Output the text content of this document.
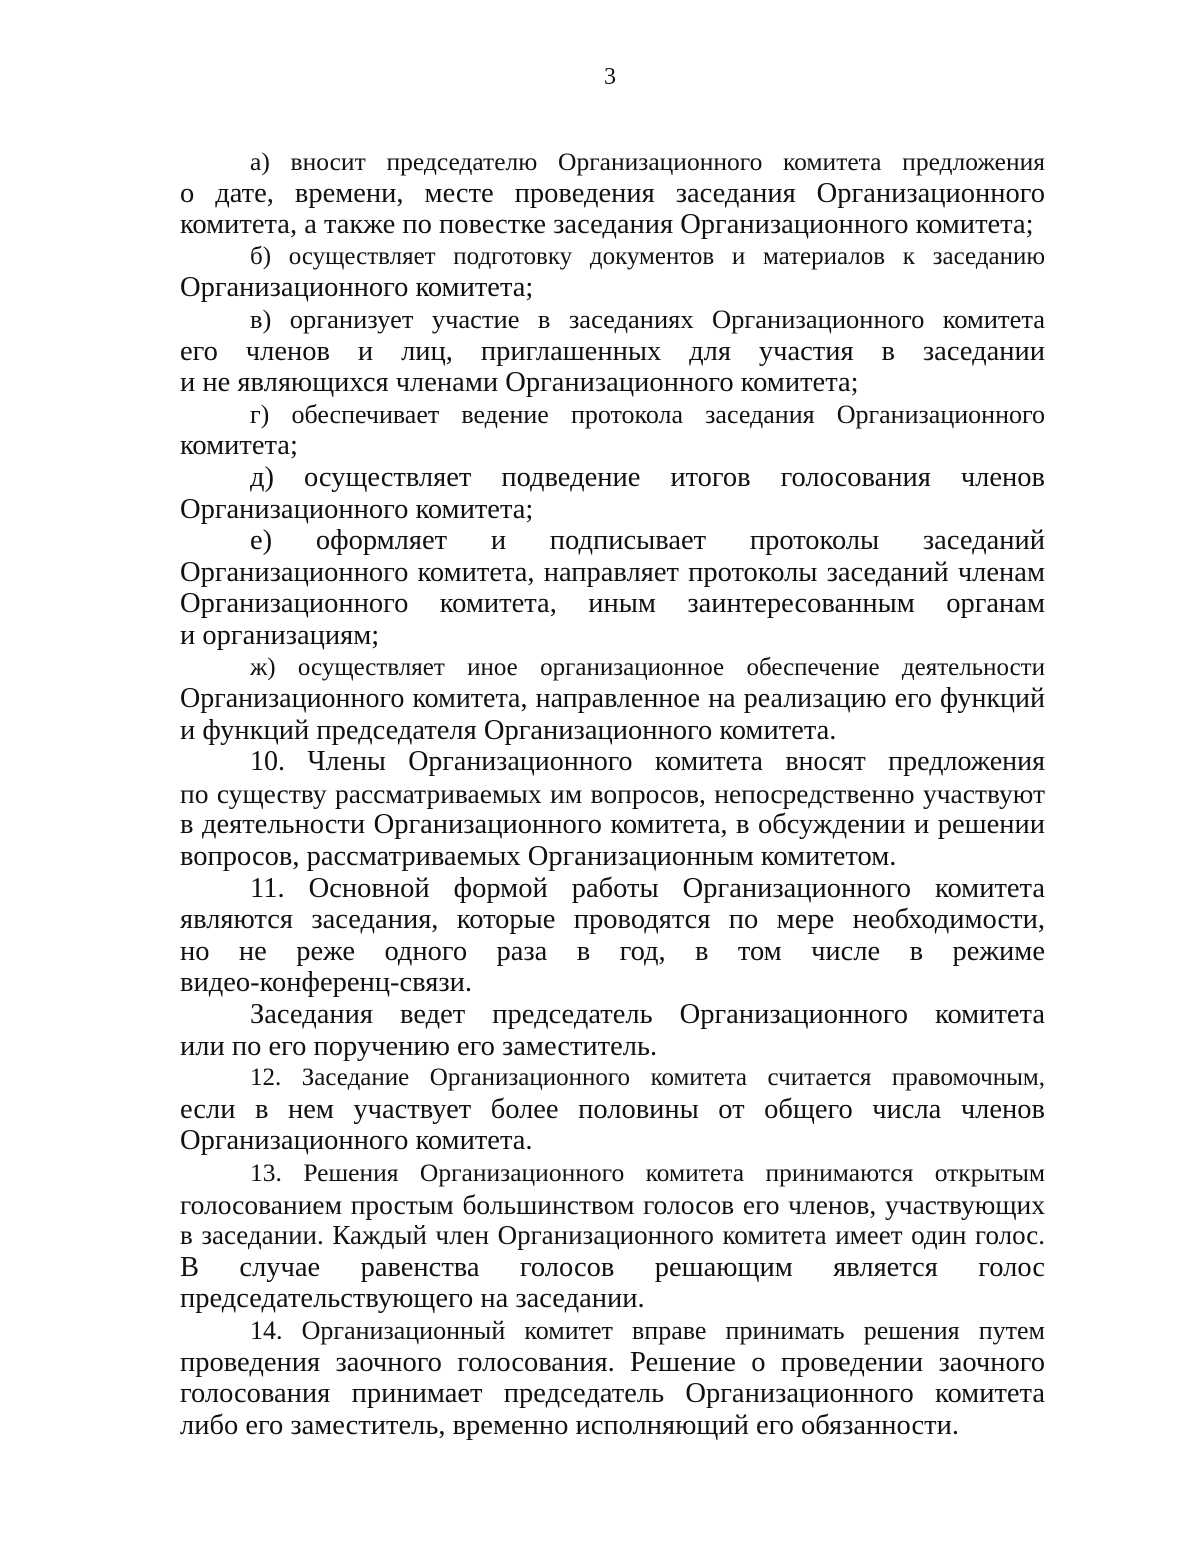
3

а) вносит председателю Организационного комитета предложения
о дате, времени, месте проведения заседания Организационного
комитета, а также по повестке заседания Организационного комитета;

б) осуществляет подготовку документов и материалов к заседанию
Организационного комитета;

в) организует участие в заседаниях Организационного комитета
его членов и лиц, приглашенных для участия в заседании
и не являющихся членами Организационного комитета;

г) обеспечивает ведение протокола заседания Организационного
комитета;

д) осуществляет подведение итогов голосования членов
Организационного комитета;

е) оформляет и подписывает протоколы заседаний
Организационного комитета, направляет протоколы заседаний членам
Организационного комитета, иным заинтересованным органам
и организациям;

ж) осуществляет иное организационное обеспечение деятельности
Организационного комитета, направленное на реализацию его функций
и функций председателя Организационного комитета.

10. Члены Организационного комитета вносят предложения
по существу рассматриваемых им вопросов, непосредственно участвуют
в деятельности Организационного комитета, в обсуждении и решении
вопросов, рассматриваемых Организационным комитетом.

11. Основной формой работы Организационного комитета
являются заседания, которые проводятся по мере необходимости,
но не реже одного раза в год, в том числе в режиме
видео-конференц-связи.

Заседания ведет председатель Организационного комитета
или по его поручению его заместитель.

12. Заседание Организационного комитета считается правомочным,
если в нем участвует более половины от общего числа членов
Организационного комитета.

13. Решения Организационного комитета принимаются открытым
голосованием простым большинством голосов его членов, участвующих
в заседании. Каждый член Организационного комитета имеет один голос.
В случае равенства голосов решающим является голос
председательствующего на заседании.

14. Организационный комитет вправе принимать решения путем
проведения заочного голосования. Решение о проведении заочного
голосования принимает председатель Организационного комитета
либо его заместитель, временно исполняющий его обязанности.
